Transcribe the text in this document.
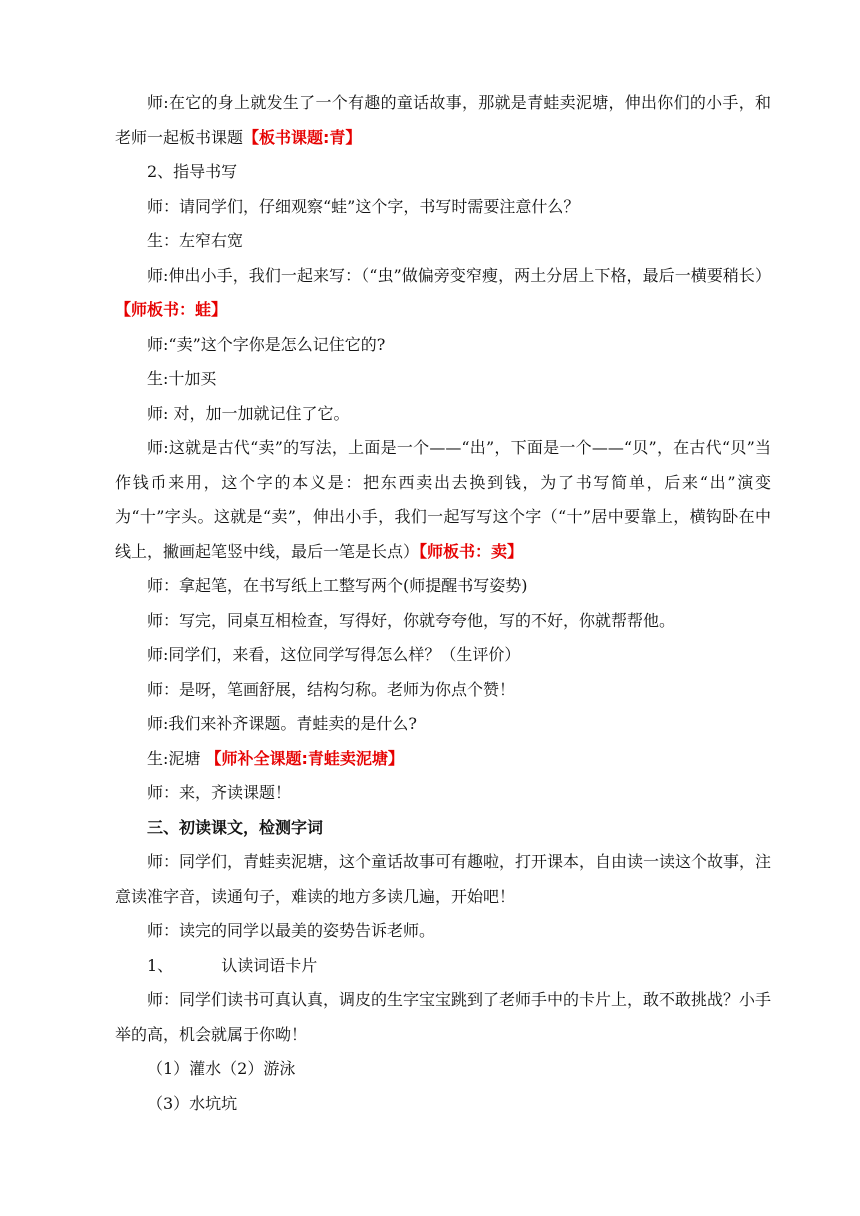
师:在它的身上就发生了一个有趣的童话故事，那就是青蛙卖泥塘，伸出你们的小手，和老师一起板书课题【板书课题:青】

2、指导书写

师：请同学们，仔细观察“蛙”这个字，书写时需要注意什么？

生：左窄右宽

师:伸出小手，我们一起来写：（“虫”做偏旁变窄瘦，两土分居上下格，最后一横要稍长）【师板书：蛙】

师:“卖”这个字你是怎么记住它的?

生:十加买

师: 对，加一加就记住了它。

师:这就是古代“卖”的写法，上面是一个——“出”，下面是一个——“贝”，在古代“贝”当作钱币来用，这个字的本义是：把东西卖出去换到钱，为了书写简单，后来“出”演变为“十”字头。这就是“卖”，伸出小手，我们一起写写这个字（“十”居中要靠上，横钩卧在中线上，撇画起笔竖中线，最后一笔是长点）【师板书：卖】

师：拿起笔，在书写纸上工整写两个(师提醒书写姿势)

师：写完，同桌互相检查，写得好，你就夸夸他，写的不好，你就帮帮他。

师:同学们，来看，这位同学写得怎么样？（生评价）

师：是呀，笔画舒展，结构匀称。老师为你点个赞！

师:我们来补齐课题。青蛙卖的是什么?

生:泥塘 【师补全课题:青蛙卖泥塘】

师：来，齐读课题！

三、初读课文，检测字词

师：同学们，青蛙卖泥塘，这个童话故事可有趣啦，打开课本，自由读一读这个故事，注意读准字音，读通句子，难读的地方多读几遍，开始吧！

师：读完的同学以最美的姿势告诉老师。

1、	认读词语卡片

师：同学们读书可真认真，调皮的生字宝宝跳到了老师手中的卡片上，敢不敢挑战？小手举的高，机会就属于你呦！

（1）灌水（2）游泳

（3）水坑坑
